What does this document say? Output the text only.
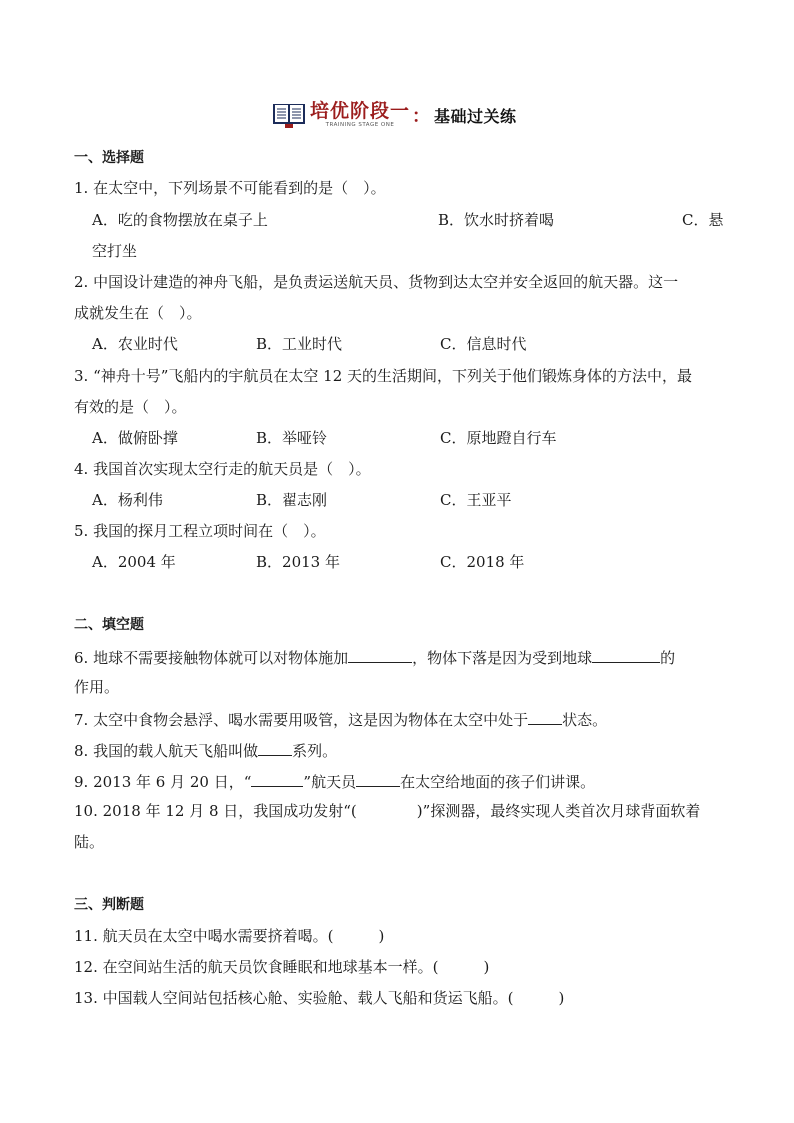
培优阶段一
TRAINING STAGE ONE ： 基础过关练
一、选择题
1. 在太空中，下列场景不可能看到的是（　）。
A．吃的食物摆放在桌子上	B．饮水时挤着喝	C．悬
空打坐
2. 中国设计建造的神舟飞船，是负责运送航天员、货物到达太空并安全返回的航天器。这一
成就发生在（　）。
A．农业时代	B．工业时代	C．信息时代
3. “神舟十号”飞船内的宇航员在太空 12 天的生活期间，下列关于他们锻炼身体的方法中，最
有效的是（　）。
A．做俯卧撑	B．举哑铃	C．原地蹬自行车
4. 我国首次实现太空行走的航天员是（　）。
A．杨利伟	B．翟志刚	C．王亚平
5. 我国的探月工程立项时间在（　）。
A．2004 年	B．2013 年	C．2018 年
二、填空题
6. 地球不需要接触物体就可以对物体施加	，物体下落是因为受到地球	的
作用。
7. 太空中食物会悬浮、喝水需要用吸管，这是因为物体在太空中处于 状态。
8. 我国的载人航天飞船叫做 系列。
9. 2013 年 6 月 20 日，“	”航天员	在太空给地面的孩子们讲课。
10. 2018 年 12 月 8 日，我国成功发射“(	)”探测器，最终实现人类首次月球背面软着
陆。
三、判断题
11. 航天员在太空中喝水需要挤着喝。(　　　)
12. 在空间站生活的航天员饮食睡眠和地球基本一样。(　　　)
13. 中国载人空间站包括核心舱、实验舱、载人飞船和货运飞船。(　　　)
